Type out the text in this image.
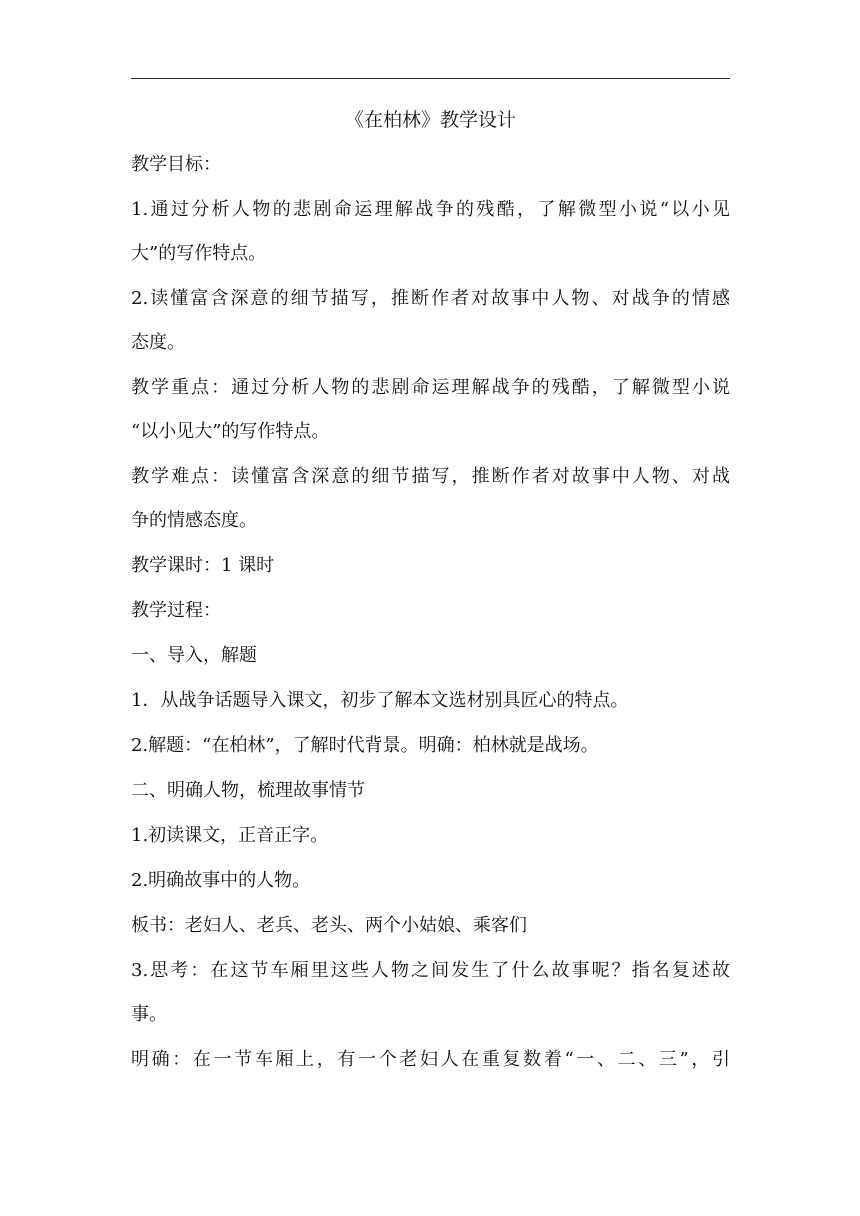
《在柏林》教学设计
教学目标：
1.通过分析人物的悲剧命运理解战争的残酷，了解微型小说“以小见
大”的写作特点。
2.读懂富含深意的细节描写，推断作者对故事中人物、对战争的情感
态度。
教学重点：通过分析人物的悲剧命运理解战争的残酷，了解微型小说
“以小见大”的写作特点。
教学难点：读懂富含深意的细节描写，推断作者对故事中人物、对战
争的情感态度。
教学课时：1 课时
教学过程：
一、导入，解题
1．从战争话题导入课文，初步了解本文选材别具匠心的特点。
2.解题：“在柏林”，了解时代背景。明确：柏林就是战场。
二、明确人物，梳理故事情节
1.初读课文，正音正字。
2.明确故事中的人物。
板书：老妇人、老兵、老头、两个小姑娘、乘客们
3.思考：在这节车厢里这些人物之间发生了什么故事呢？指名复述故
事。
明确：在一节车厢上，有一个老妇人在重复数着“一、二、三”，引
